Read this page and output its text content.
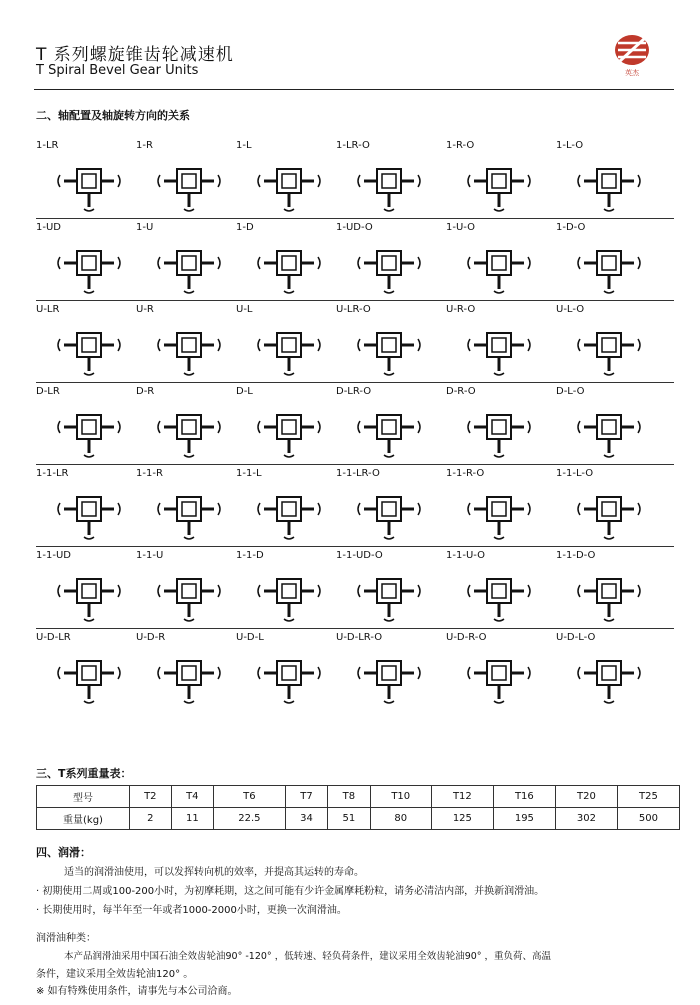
T 系列螺旋锥齿轮减速机
T Spiral Bevel Gear Units	英杰
二、轴配置及轴旋转方向的关系
1-LR	1-R	1-L	1-LR-O	1-R-O	1-L-O
1-UD	1-U	1-D	1-UD-O	1-U-O	1-D-O
U-LR	U-R	U-L	U-LR-O	U-R-O	U-L-O
D-LR	D-R	D-L	D-LR-O	D-R-O	D-L-O
1-1-LR	1-1-R	1-1-L	1-1-LR-O	1-1-R-O	1-1-L-O
1-1-UD	1-1-U	1-1-D	1-1-UD-O	1-1-U-O	1-1-D-O
U-D-LR	U-D-R	U-D-L	U-D-LR-O	U-D-R-O	U-D-L-O
三、T系列重量表：
型号	T2	T4	T6	T7	T8	T10	T12	T16	T20	T25
重量(kg)	2	11	22.5	34	51	80	125	195	302	500
四、润滑：
适当的润滑油使用，可以发挥转向机的效率，并提高其运转的寿命。
· 初期使用二周或100-200小时，为初摩耗期，这之间可能有少许金属摩耗粉粒，请务必清洁内部，并换新润滑油。
· 长期使用时，每半年至一年或者1000-2000小时，更换一次润滑油。
润滑油种类：
本产品润滑油采用中国石油全效齿轮油90° -120° ，低转速、轻负荷条件，建议采用全效齿轮油90° ，重负荷、高温
条件，建议采用全效齿轮油120° 。
※ 如有特殊使用条件，请事先与本公司洽商。
